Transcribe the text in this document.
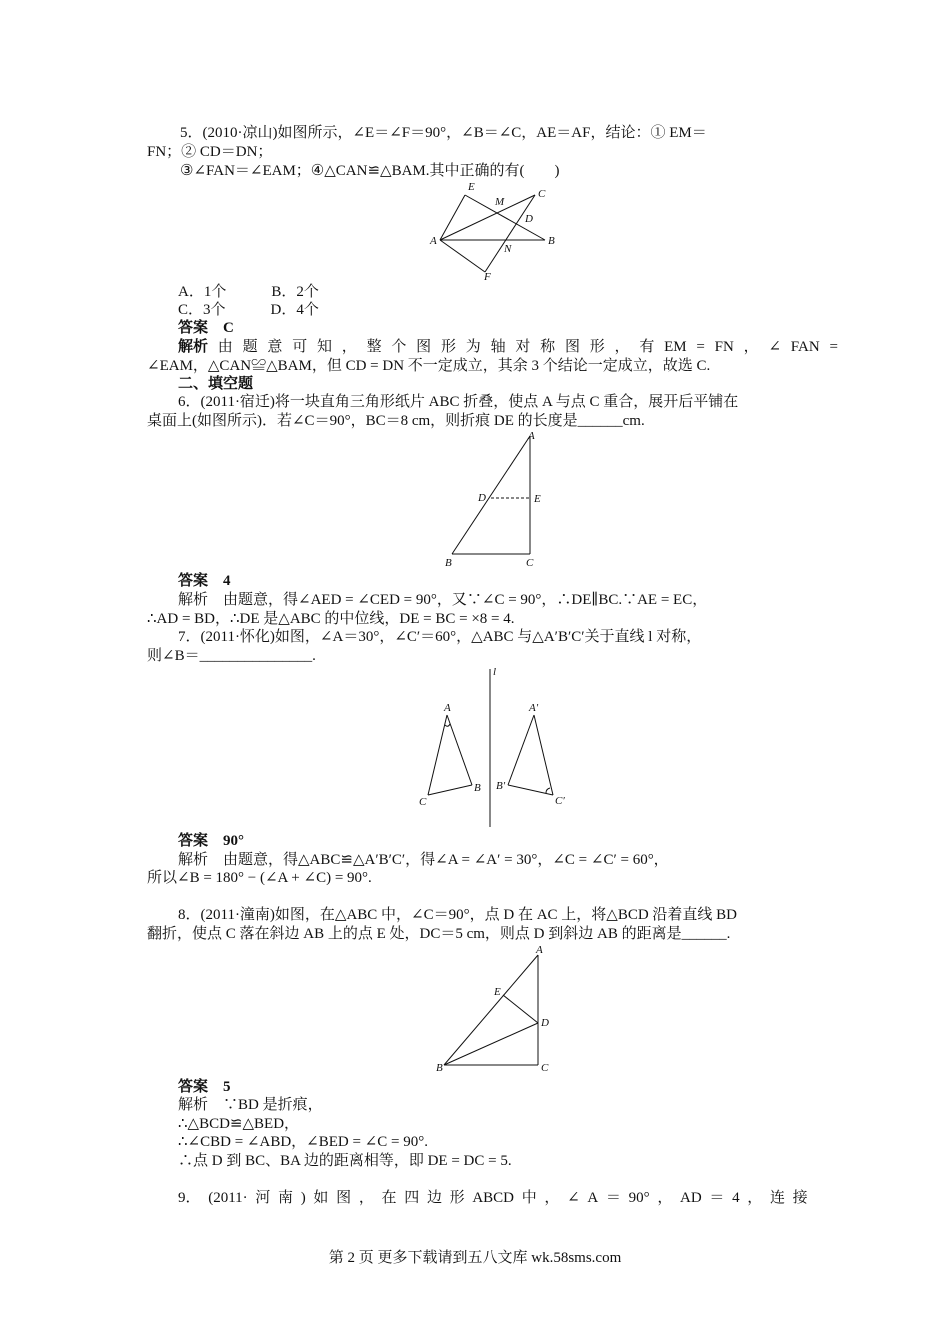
5．(2010·凉山)如图所示，∠E＝∠F＝90°，∠B＝∠C，AE＝AF，结论：① EM＝
FN；② CD＝DN；
③∠FAN＝∠EAM；④△CAN≌△BAM.其中正确的有(　　)
E
C
M
D
A	B
N
F
A．1个　　　B．2个
C．3个　　　D．4个
答案　C
解析 由 题 意 可 知 ， 整 个 图 形 为 轴 对 称 图 形 ， 有 EM = FN ， ∠ FAN =
∠EAM，△CAN≌△BAM，但 CD = DN 不一定成立，其余 3 个结论一定成立，故选 C.
二、填空题
6．(2011·宿迁)将一块直角三角形纸片 ABC 折叠，使点 A 与点 C 重合，展开后平铺在
桌面上(如图所示)．若∠C＝90°，BC＝8 cm，则折痕 DE 的长度是______cm.
A
D	E
B	C
答案　4
解析　由题意，得∠AED = ∠CED = 90°，又∵∠C = 90°，∴DE∥BC.∵AE = EC，
∴AD = BD，∴DE 是△ABC 的中位线，DE = BC = ×8 = 4.
7．(2011·怀化)如图，∠A＝30°，∠C′＝60°，△ABC 与△A′B′C′关于直线 l 对称，
则∠B＝_______________.
l
A	A′
B B′
C	C′
答案　90°
解析　由题意，得△ABC≌△A′B′C′，得∠A = ∠A′ = 30°，∠C = ∠C′ = 60°，
所以∠B = 180° − (∠A + ∠C) = 90°.
8．(2011·潼南)如图，在△ABC 中，∠C＝90°，点 D 在 AC 上，将△BCD 沿着直线 BD
翻折，使点 C 落在斜边 AB 上的点 E 处，DC＝5 cm，则点 D 到斜边 AB 的距离是______.
A
E
D
B	C
答案　5
解析　∵BD 是折痕，
∴△BCD≌△BED，
∴∠CBD = ∠ABD，∠BED = ∠C = 90°.
∴点 D 到 BC、BA 边的距离相等，即 DE = DC = 5.
9． (2011· 河 南 ) 如 图 ， 在 四 边 形 ABCD 中 ， ∠ A ＝ 90° ， AD ＝ 4 ， 连 接
第 2 页 更多下载请到五八文库 wk.58sms.com
